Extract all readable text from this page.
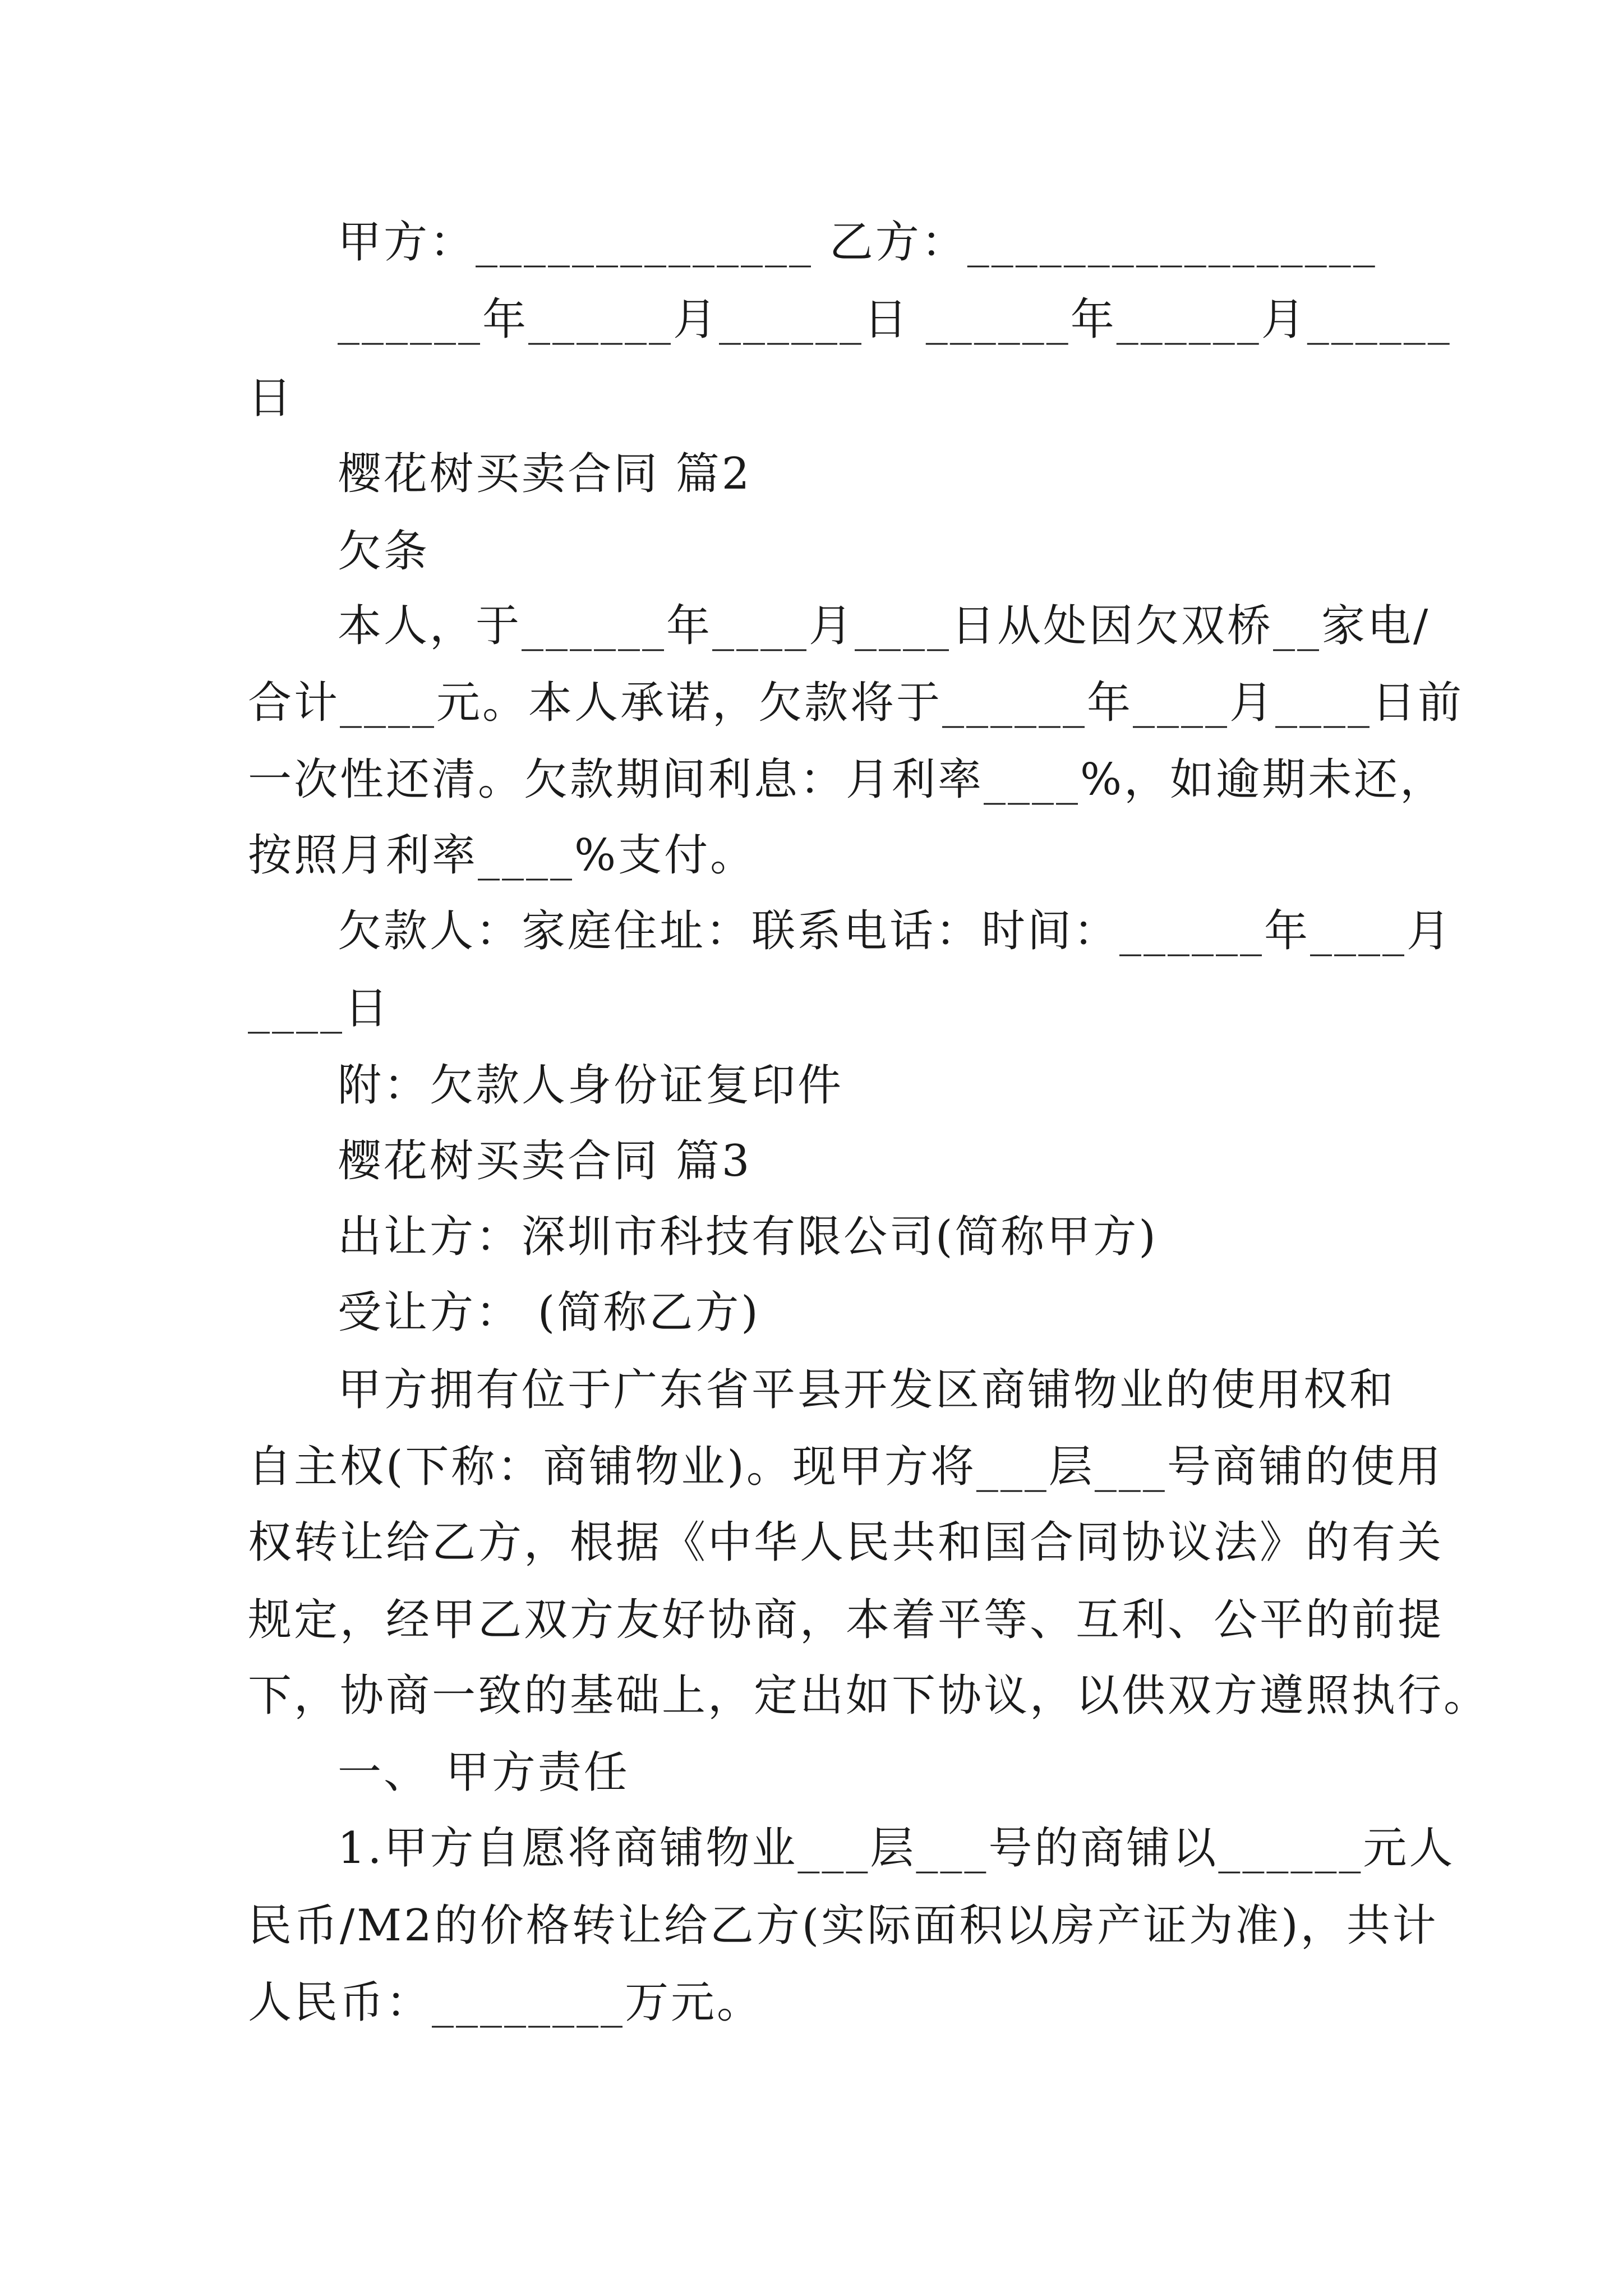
甲方：______________ 乙方：_________________
______年______月______日 ______年______月______
日
樱花树买卖合同 篇2
欠条
本人，于______年____月____日从处因欠双桥__家电/
合计____元。本人承诺，欠款将于______年____月____日前
一次性还清。欠款期间利息：月利率____%，如逾期未还，
按照月利率____%支付。
欠款人：家庭住址：联系电话：时间：______年____月
____日
附：欠款人身份证复印件
樱花树买卖合同 篇3
出让方：深圳市科技有限公司(简称甲方)
受让方： (简称乙方)
甲方拥有位于广东省平县开发区商铺物业的使用权和
自主权(下称：商铺物业)。现甲方将___层___号商铺的使用
权转让给乙方，根据《中华人民共和国合同协议法》的有关
规定，经甲乙双方友好协商，本着平等、互利、公平的前提
下，协商一致的基础上，定出如下协议，以供双方遵照执行。
一、 甲方责任
1.甲方自愿将商铺物业___层___号的商铺以______元人
民币/M2的价格转让给乙方(实际面积以房产证为准)，共计
人民币：________万元。
